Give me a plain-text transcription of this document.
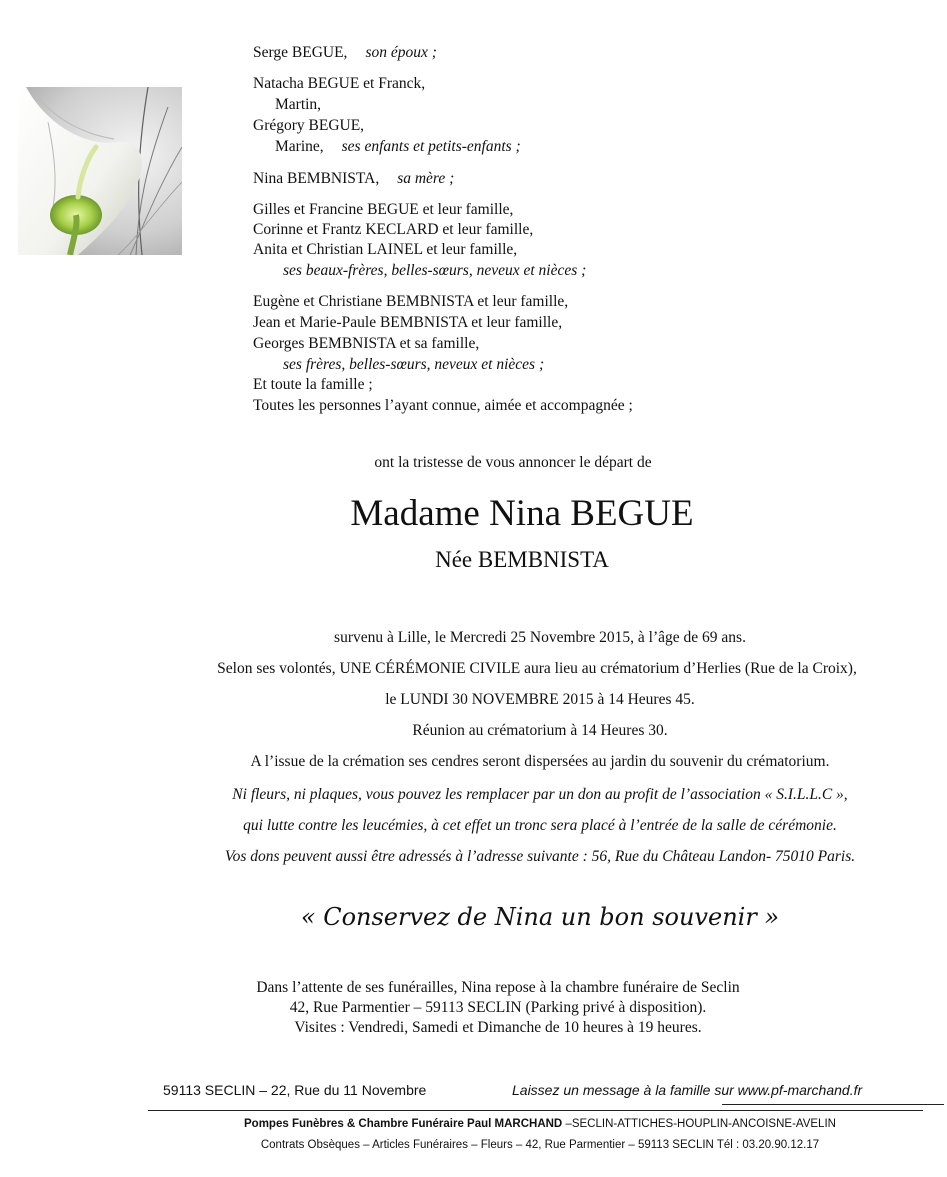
Serge BEGUE, son époux ;
Natacha BEGUE et Franck,
Martin,
Grégory BEGUE,
Marine, ses enfants et petits-enfants ;
Nina BEMBNISTA, sa mère ;
Gilles et Francine BEGUE et leur famille,
Corinne et Frantz KECLARD et leur famille,
Anita et Christian LAINEL et leur famille,
ses beaux-frères, belles-sœurs, neveux et nièces ;
Eugène et Christiane BEMBNISTA et leur famille,
Jean et Marie-Paule BEMBNISTA et leur famille,
Georges BEMBNISTA et sa famille,
ses frères, belles-sœurs, neveux et nièces ;
Et toute la famille ;
Toutes les personnes l’ayant connue, aimée et accompagnée ;
ont la tristesse de vous annoncer le départ de
Madame Nina BEGUE
Née BEMBNISTA
survenu à Lille, le Mercredi 25 Novembre 2015, à l’âge de 69 ans.
Selon ses volontés, UNE CÉRÉMONIE CIVILE aura lieu au crématorium d’Herlies (Rue de la Croix),
le LUNDI 30 NOVEMBRE 2015 à 14 Heures 45.
Réunion au crématorium à 14 Heures 30.
A l’issue de la crémation ses cendres seront dispersées au jardin du souvenir du crématorium.
Ni fleurs, ni plaques, vous pouvez les remplacer par un don au profit de l’association « S.I.L.L.C »,
qui lutte contre les leucémies, à cet effet un tronc sera placé à l’entrée de la salle de cérémonie.
Vos dons peuvent aussi être adressés à l’adresse suivante : 56, Rue du Château Landon- 75010 Paris.
« Conservez de Nina un bon souvenir »
Dans l’attente de ses funérailles, Nina repose à la chambre funéraire de Seclin
42, Rue Parmentier – 59113 SECLIN (Parking privé à disposition).
Visites : Vendredi, Samedi et Dimanche de 10 heures à 19 heures.
59113 SECLIN – 22, Rue du 11 Novembre	Laissez un message à la famille sur www.pf-marchand.fr
Pompes Funèbres & Chambre Funéraire Paul MARCHAND –SECLIN-ATTICHES-HOUPLIN-ANCOISNE-AVELIN
Contrats Obsèques – Articles Funéraires – Fleurs – 42, Rue Parmentier – 59113 SECLIN Tél : 03.20.90.12.17
